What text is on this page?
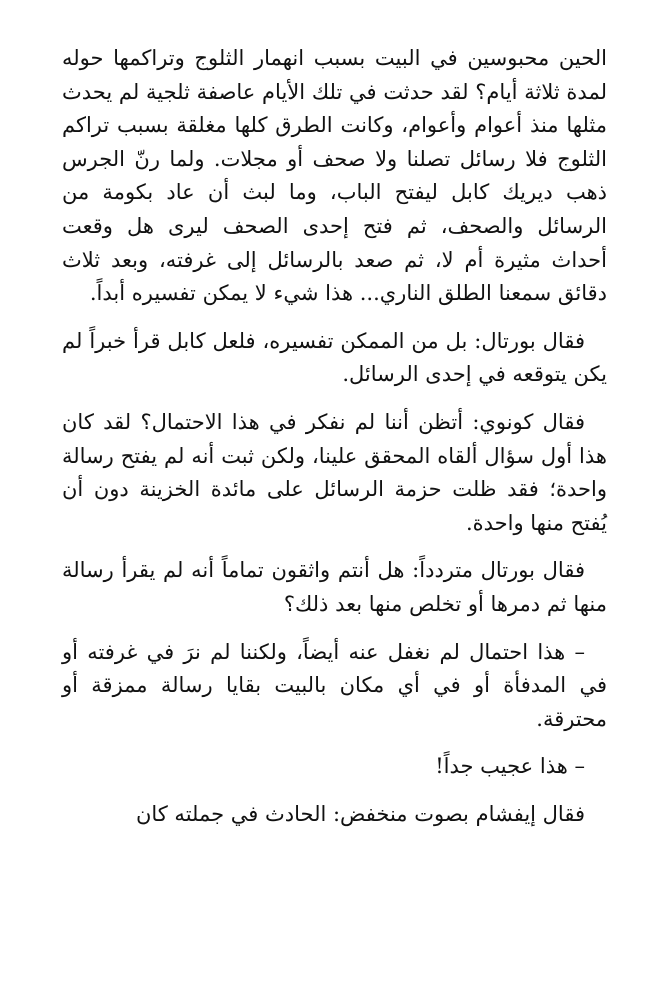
الحين محبوسين في البيت بسبب انهمار الثلوج وتراكمها حوله لمدة ثلاثة أيام؟ لقد حدثت في تلك الأيام عاصفة ثلجية لم يحدث مثلها منذ أعوام وأعوام، وكانت الطرق كلها مغلقة بسبب تراكم الثلوج فلا رسائل تصلنا ولا صحف أو مجلات. ولما رنّ الجرس ذهب ديريك كابل ليفتح الباب، وما لبث أن عاد بكومة من الرسائل والصحف، ثم فتح إحدى الصحف ليرى هل وقعت أحداث مثيرة أم لا، ثم صعد بالرسائل إلى غرفته، وبعد ثلاث دقائق سمعنا الطلق الناري... هذا شيء لا يمكن تفسيره أبداً.

فقال بورتال: بل من الممكن تفسيره، فلعل كابل قرأ خبراً لم يكن يتوقعه في إحدى الرسائل.

فقال كونوي: أتظن أننا لم نفكر في هذا الاحتمال؟ لقد كان هذا أول سؤال ألقاه المحقق علينا، ولكن ثبت أنه لم يفتح رسالة واحدة؛ فقد ظلت حزمة الرسائل على مائدة الخزينة دون أن يُفتح منها واحدة.

فقال بورتال متردداً: هل أنتم واثقون تماماً أنه لم يقرأ رسالة منها ثم دمرها أو تخلص منها بعد ذلك؟

– هذا احتمال لم نغفل عنه أيضاً، ولكننا لم نرَ في غرفته أو في المدفأة أو في أي مكان بالبيت بقايا رسالة ممزقة أو محترقة.

– هذا عجيب جداً!

فقال إيفشام بصوت منخفض: الحادث في جملته كان
